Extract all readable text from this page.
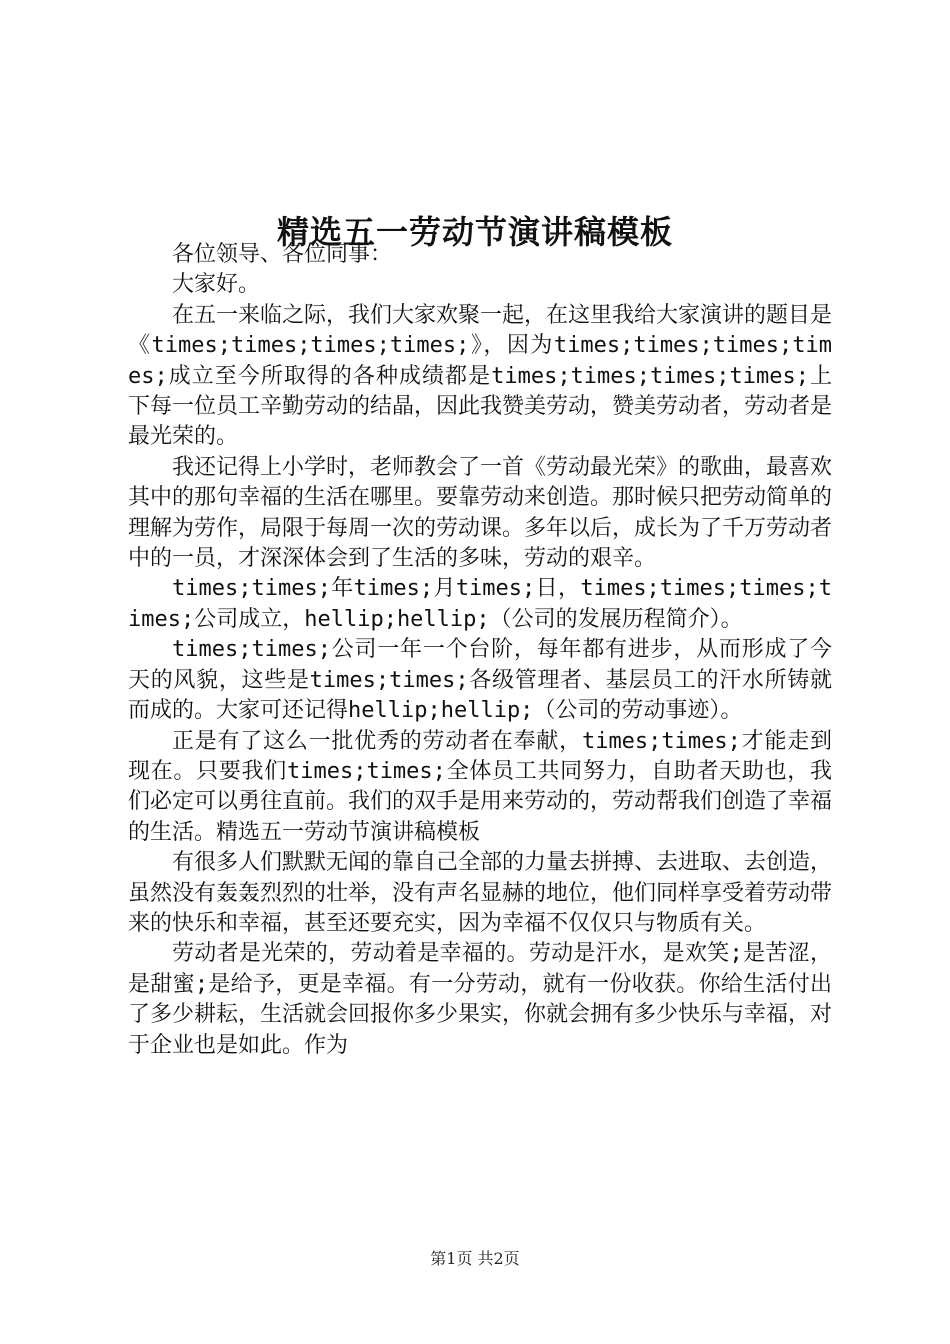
精选五一劳动节演讲稿模板

各位领导、各位同事：

大家好。

在五一来临之际，我们大家欢聚一起，在这里我给大家演讲的题目是《times;times;times;times;》，因为times;times;times;times;成立至今所取得的各种成绩都是times;times;times;times;上下每一位员工辛勤劳动的结晶，因此我赞美劳动，赞美劳动者，劳动者是最光荣的。

我还记得上小学时，老师教会了一首《劳动最光荣》的歌曲，最喜欢其中的那句幸福的生活在哪里。要靠劳动来创造。那时候只把劳动简单的理解为劳作，局限于每周一次的劳动课。多年以后，成长为了千万劳动者中的一员，才深深体会到了生活的多味，劳动的艰辛。

times;times;年times;月times;日，times;times;times;times;公司成立，hellip;hellip;（公司的发展历程简介）。

times;times;公司一年一个台阶，每年都有进步，从而形成了今天的风貌，这些是times;times;各级管理者、基层员工的汗水所铸就而成的。大家可还记得hellip;hellip;（公司的劳动事迹）。

正是有了这么一批优秀的劳动者在奉献，times;times;才能走到现在。只要我们times;times;全体员工共同努力，自助者天助也，我们必定可以勇往直前。我们的双手是用来劳动的，劳动帮我们创造了幸福的生活。精选五一劳动节演讲稿模板

有很多人们默默无闻的靠自己全部的力量去拼搏、去进取、去创造，虽然没有轰轰烈烈的壮举，没有声名显赫的地位，他们同样享受着劳动带来的快乐和幸福，甚至还要充实，因为幸福不仅仅只与物质有关。

劳动者是光荣的，劳动着是幸福的。劳动是汗水，是欢笑;是苦涩，是甜蜜;是给予，更是幸福。有一分劳动，就有一份收获。你给生活付出了多少耕耘，生活就会回报你多少果实，你就会拥有多少快乐与幸福，对于企业也是如此。作为

第1页 共2页
